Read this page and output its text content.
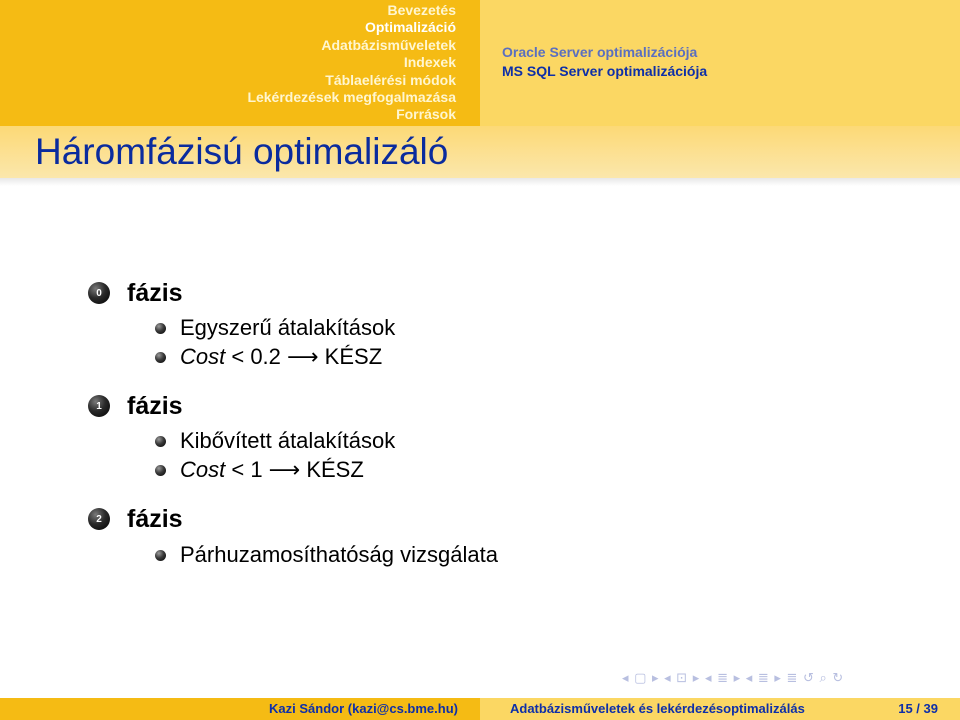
Bevezetés
Optimalizáció
Adatbázisműveletek
Indexek
Táblaelérési módok
Lekérdezések megfogalmazása
Források
Oracle Server optimalizációja
MS SQL Server optimalizációja
Háromfázisú optimalizáló
0 fázis
Egyszerű átalakítások
Cost < 0.2 ⟶ KÉSZ
1 fázis
Kibővített átalakítások
Cost < 1 ⟶ KÉSZ
2 fázis
Párhuzamosíthatóság vizsgálata
◂ ▢ ▸ ◂ ⊡ ▸ ◂ ≣ ▸ ◂ ≣ ▸ ≣ ↺ ⌕ ↻
Kazi Sándor (kazi@cs.bme.hu)	Adatbázisműveletek és lekérdezésoptimalizálás	15 / 39
